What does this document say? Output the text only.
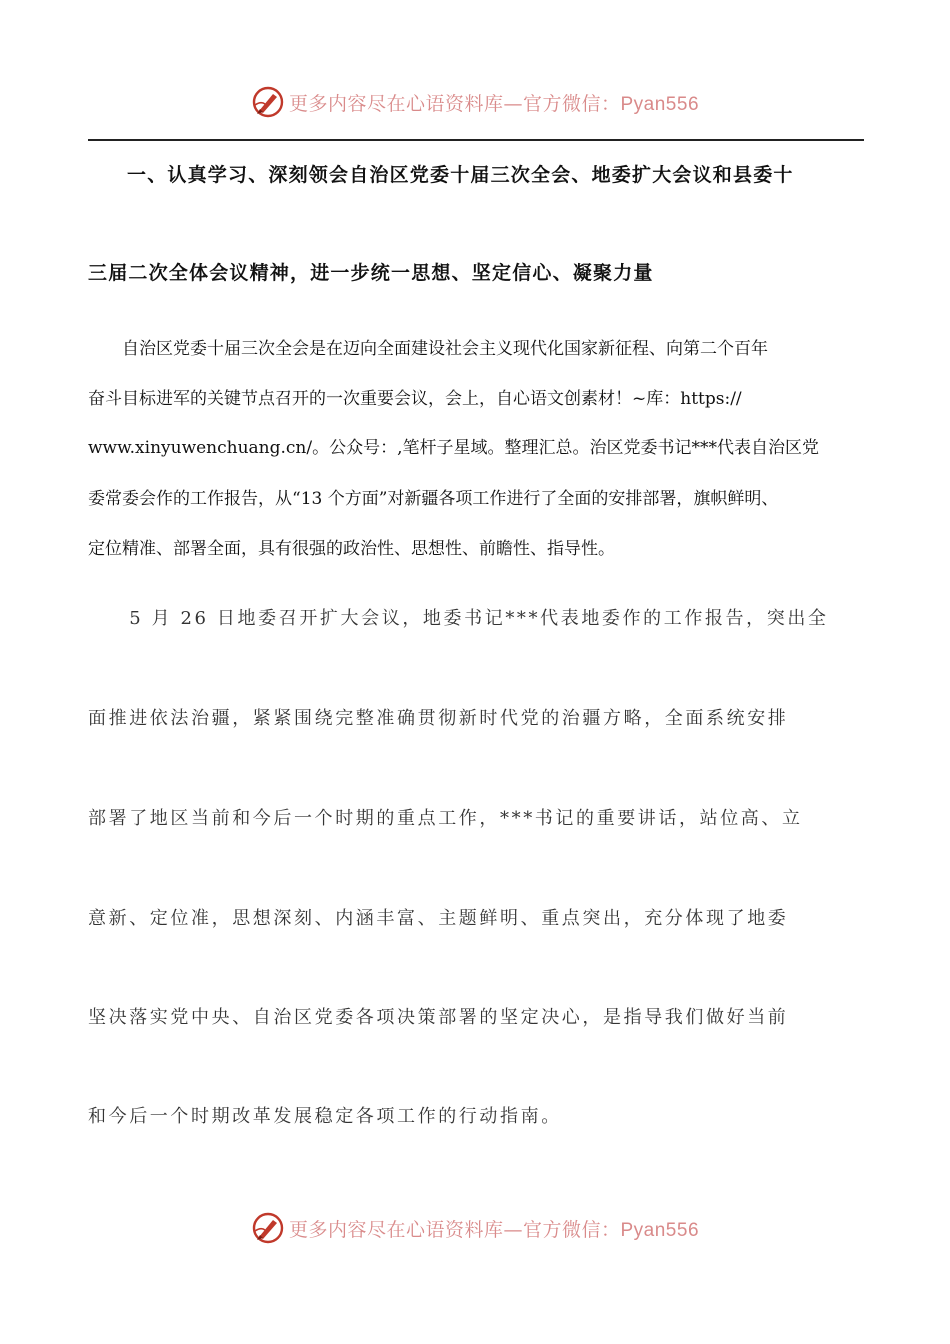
更多内容尽在心语资料库—官方微信：Pyan556
一、认真学习、深刻领会自治区党委十届三次全会、地委扩大会议和县委十
三届二次全体会议精神，进一步统一思想、坚定信心、凝聚力量
　　自治区党委十届三次全会是在迈向全面建设社会主义现代化国家新征程、向第二个百年
奋斗目标进军的关键节点召开的一次重要会议，会上，自心语文创素材！~库：https://
www.xinyuwenchuang.cn/。公众号：,笔杆子星域。整理汇总。治区党委书记***代表自治区党
委常委会作的工作报告，从“13 个方面”对新疆各项工作进行了全面的安排部署，旗帜鲜明、
定位精准、部署全面，具有很强的政治性、思想性、前瞻性、指导性。
　　5 月 26 日地委召开扩大会议，地委书记***代表地委作的工作报告，突出全
面推进依法治疆，紧紧围绕完整准确贯彻新时代党的治疆方略，全面系统安排
部署了地区当前和今后一个时期的重点工作，***书记的重要讲话，站位高、立
意新、定位准，思想深刻、内涵丰富、主题鲜明、重点突出，充分体现了地委
坚决落实党中央、自治区党委各项决策部署的坚定决心，是指导我们做好当前
和今后一个时期改革发展稳定各项工作的行动指南。
更多内容尽在心语资料库—官方微信：Pyan556
